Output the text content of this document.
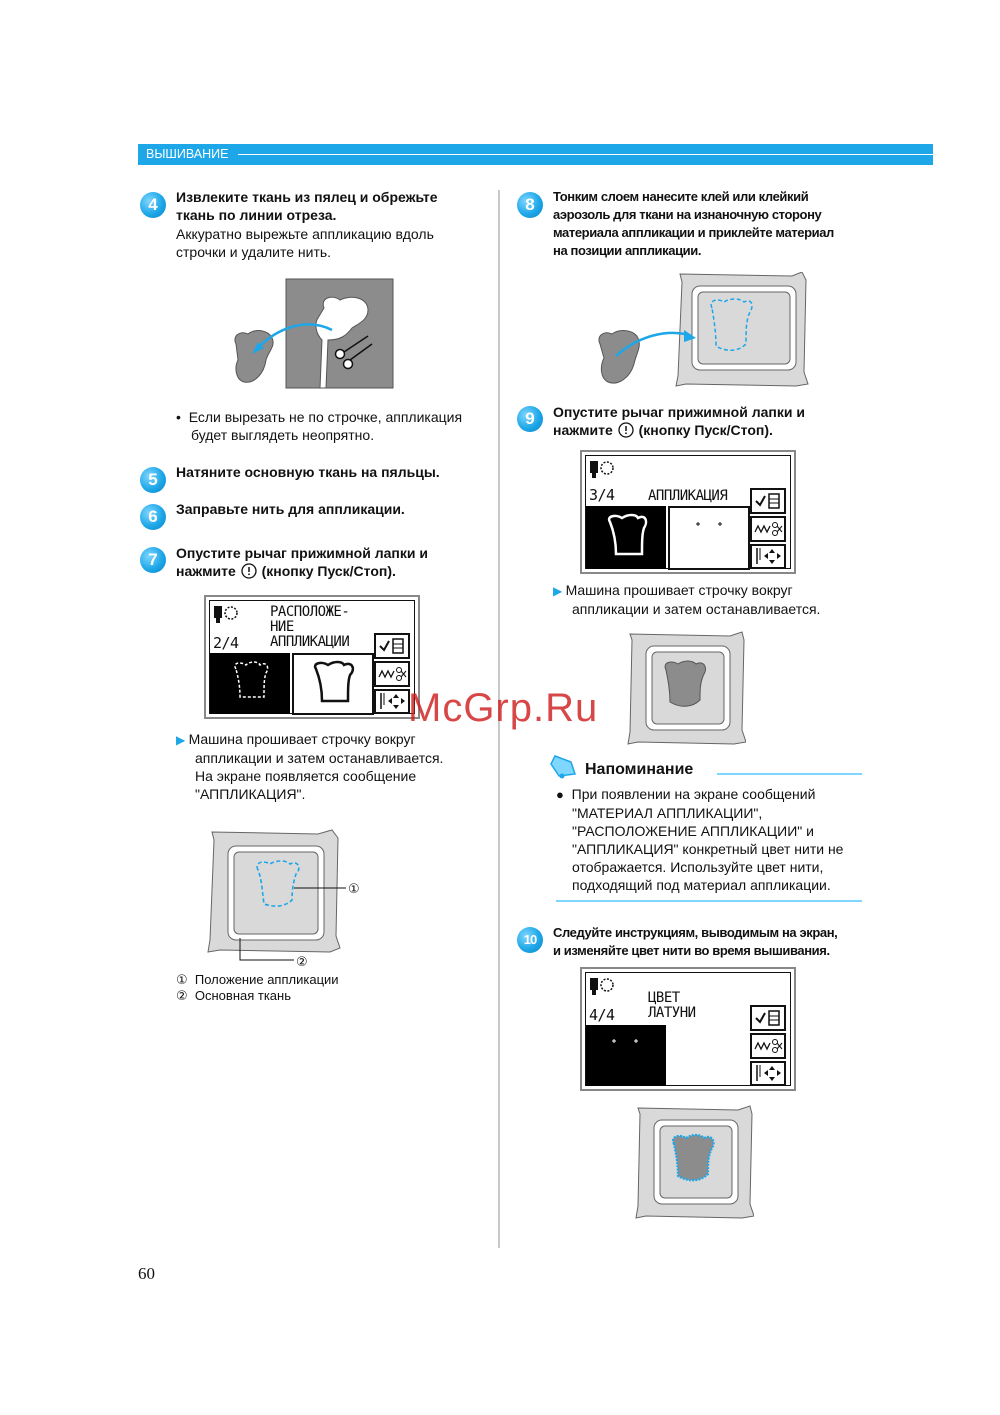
ВЫШИВАНИЕ
4	Извлеките ткань из пялец и обрежьте
ткань по линии отреза.
Аккуратно вырежьте аппликацию вдоль
строчки и удалите нить.
•  Если вырезать не по строчке, аппликация
будет выглядеть неопрятно.
5	Натяните основную ткань на пяльцы.
6	Заправьте нить для аппликации.
7	Опустите рычаг прижимной лапки и
нажмите (кнопку Пуск/Стоп).
РАСПОЛОЖЕ-
НИЕ
АППЛИКАЦИИ
2/4
▶ Машина прошивает строчку вокруг
аппликации и затем останавливается.
На экране появляется сообщение
"АППЛИКАЦИЯ".
①
②
① Положение аппликации
② Основная ткань
8	Тонким слоем нанесите клей или клейкий
аэрозоль для ткани на изнаночную сторону
материала аппликации и приклейте материал
на позиции аппликации.
9	Опустите рычаг прижимной лапки и
нажмите (кнопку Пуск/Стоп).
3/4 АППЛИКАЦИЯ
▶ Машина прошивает строчку вокруг
аппликации и затем останавливается.
Напоминание
● При появлении на экране сообщений
"МАТЕРИАЛ АППЛИКАЦИИ",
"РАСПОЛОЖЕНИЕ АППЛИКАЦИИ" и
"АППЛИКАЦИЯ" конкретный цвет нити не
отображается. Используйте цвет нити,
подходящий под материал аппликации.
10	Следуйте инструкциям, выводимым на экран,
и изменяйте цвет нити во время вышивания.
ЦВЕТ
ЛАТУНИ
4/4
McGrp.Ru
60
